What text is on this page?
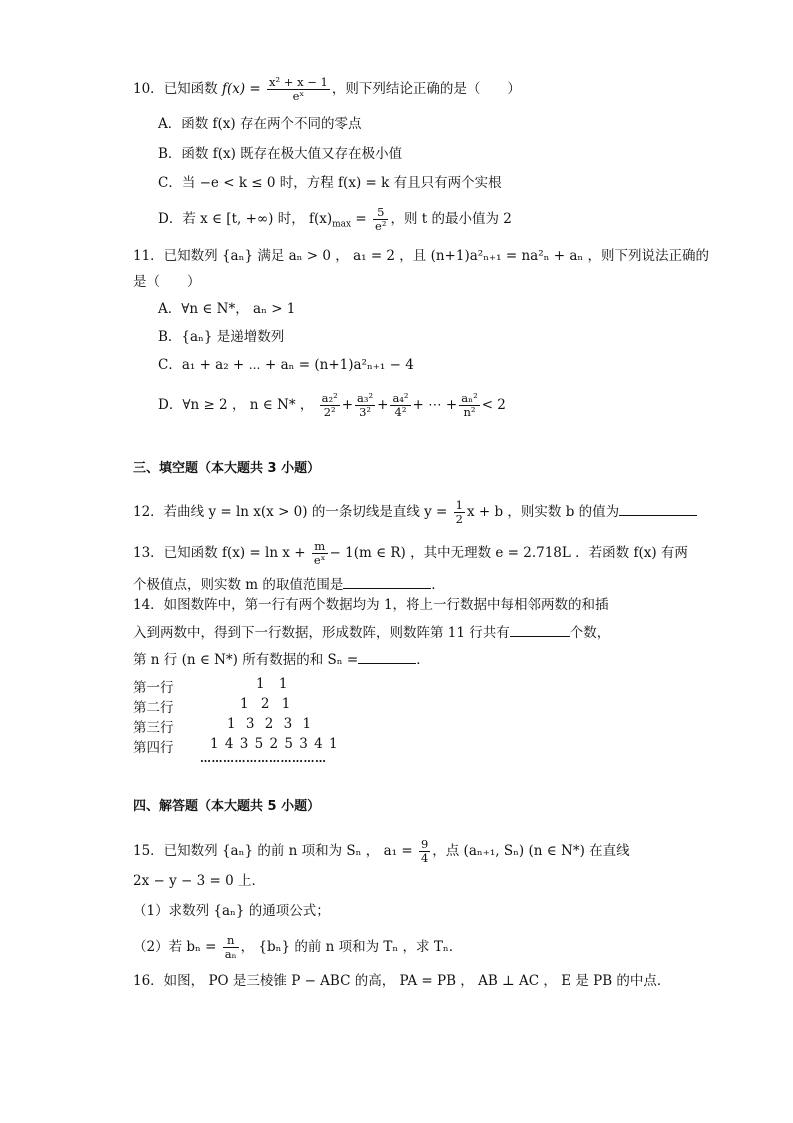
10．已知函数 $f(x) = \frac{\text{x² + x − 1}}{\text{eˣ}}$ ，则下列结论正确的是（　　）
A．函数 f(x) 存在两个不同的零点
B．函数 f(x) 既存在极大值又存在极小值
C．当 −e < k ≤ 0 时，方程 f(x) = k 有且只有两个实根
D．若 x ∈ [t, +∞) 时， $f(x)_{max} = \frac{5}{\text{e²}}$ ，则 t 的最小值为 2
11．已知数列 {aₙ} 满足 aₙ > 0 ， a₁ = 2 ，且 (n+1)a²ₙ₊₁ = na²ₙ + aₙ ，则下列说法正确的
是（　　）
A．∀n ∈ N*， aₙ > 1
B．{aₙ} 是递增数列
C．a₁ + a₂ + ⋯ + aₙ = (n+1)a²ₙ₊₁ − 4
D．∀n ≥ 2 ， n ∈ N* ， $\frac{\text{a₂²}}{\text{2²}} + \frac{\text{a₃²}}{\text{3²}} + \frac{\text{a₄²}}{\text{4²}}$ + ⋯ + $\frac{\text{aₙ²}}{\text{n²}} < 2$
三、填空题（本大题共 3 小题）
12．若曲线 y = ln x(x > 0) 的一条切线是直线 $y = \frac{1}{2}$ x + b ，则实数 b 的值为
13．已知函数 $f(x) = \ln x + \frac{m}{\text{eˣ}} - 1(m$ ∈ R) ，其中无理数 e = 2.718L ．若函数 f(x) 有两
个极值点，则实数 m 的取值范围是	．
14．如图数阵中，第一行有两个数据均为 1，将上一行数据中每相邻两数的和插
入到两数中，得到下一行数据，形成数阵，则数阵第 11 行共有	个数，
第 n 行 (n ∈ N*) 所有数据的和 Sₙ =	．
第一行	1 1
第二行	1 2 1
第三行	1 3 2 3 1
第四行	1 4 3 5 2 5 3 4 1
……………………………
四、解答题（本大题共 5 小题）
15．已知数列 {aₙ} 的前 n 项和为 Sₙ ， $a_1 = \frac{9}{4}$ ，点 (aₙ₊₁, Sₙ) (n ∈ N*) 在直线
2x − y − 3 = 0 上．
（1）求数列 {aₙ} 的通项公式；
（2）若 $b_n = \frac{n}{\text{aₙ}}$ ， {bₙ} 的前 n 项和为 Tₙ ，求 Tₙ．
16．如图， PO 是三棱锥 P − ABC 的高， PA = PB ， AB ⊥ AC ， E 是 PB 的中点．
